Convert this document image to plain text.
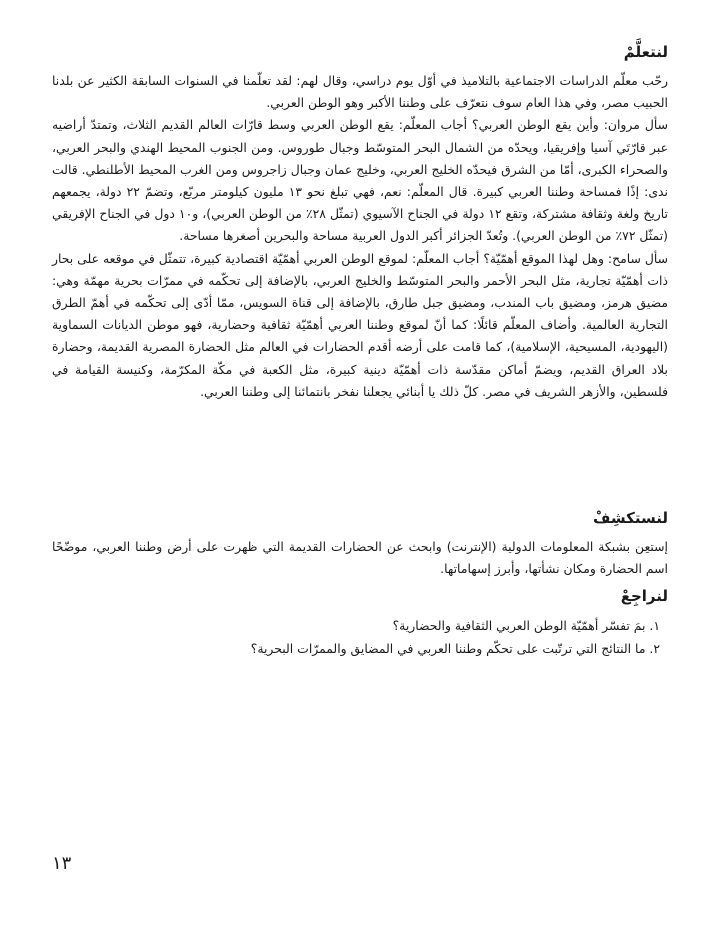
لنتعلَّمْ

رحّب معلّم الدراسات الاجتماعية بالتلاميذ في أوّل يوم دراسي، وقال لهم: لقد تعلّمنا في السنوات السابقة الكثير عن بلدنا الحبيب مصر، وفي هذا العام سوف نتعرّف على وطننا الأكبر وهو الوطن العربي.

سأل مروان: وأين يقع الوطن العربي؟ أجاب المعلّم: يقع الوطن العربي وسط قارّات العالم القديم الثلاث، وتمتدّ أراضيه عبر قارّتَي آسيا وإفريقيا، ويحدّه من الشمال البحر المتوسّط وجبال طوروس. ومن الجنوب المحيط الهندي والبحر العربي، والصحراء الكبرى، أمّا من الشرق فيحدّه الخليج العربي، وخليج عمان وجبال زاجروس ومن الغرب المحيط الأطلنطي. قالت ندى: إذًا فمساحة وطننا العربي كبيرة. قال المعلّم: نعم، فهي تبلغ نحو ١٣ مليون كيلومتر مربّع، وتضمّ ٢٢ دولة، يجمعهم تاريخ ولغة وثقافة مشتركة، وتقع ١٢ دولة في الجناح الآسيوي (تمثّل ٢٨٪ من الوطن العربي)، و١٠ دول في الجناح الإفريقي (تمثّل ٧٢٪ من الوطن العربي). وتُعدّ الجزائر أكبر الدول العربية مساحة والبحرين أصغرها مساحة.

سأل سامح: وهل لهذا الموقع أهمّيّة؟ أجاب المعلّم: لموقع الوطن العربي أهمّيّة اقتصادية كبيرة، تتمثّل في موقعه على بحار ذات أهمّيّة تجارية، مثل البحر الأحمر والبحر المتوسّط والخليج العربي، بالإضافة إلى تحكّمه في ممرّات بحرية مهمّة وهي: مضيق هرمز، ومضيق باب المندب، ومضيق جبل طارق، بالإضافة إلى قناة السويس، ممّا أدّى إلى تحكّمه في أهمّ الطرق التجارية العالمية. وأضاف المعلّم قائلًا: كما أنّ لموقع وطننا العربي أهمّيّة ثقافية وحضارية، فهو موطن الديانات السماوية (اليهودية، المسيحية، الإسلامية)، كما قامت على أرضه أقدم الحضارات في العالم مثل الحضارة المصرية القديمة، وحضارة بلاد العراق القديم، ويضمّ أماكن مقدّسة ذات أهمّيّة دينية كبيرة، مثل الكعبة في مكّة المكرّمة، وكنيسة القيامة في فلسطين، والأزهر الشريف في مصر. كلّ ذلك يا أبنائي يجعلنا نفخر بانتمائنا إلى وطننا العربي.

لنستكشِفْ

إستعِن بشبكة المعلومات الدولية (الإنترنت) وابحث عن الحضارات القديمة التي ظهرت على أرض وطننا العربي، موضّحًا اسم الحضارة ومكان نشأتها، وأبرز إسهاماتها.

لنراجِعْ
١. بمَ تفسّر أهمّيّة الوطن العربي الثقافية والحضارية؟
٢. ما النتائج التي ترتّبت على تحكّم وطننا العربي في المضايق والممرّات البحرية؟
١٣
